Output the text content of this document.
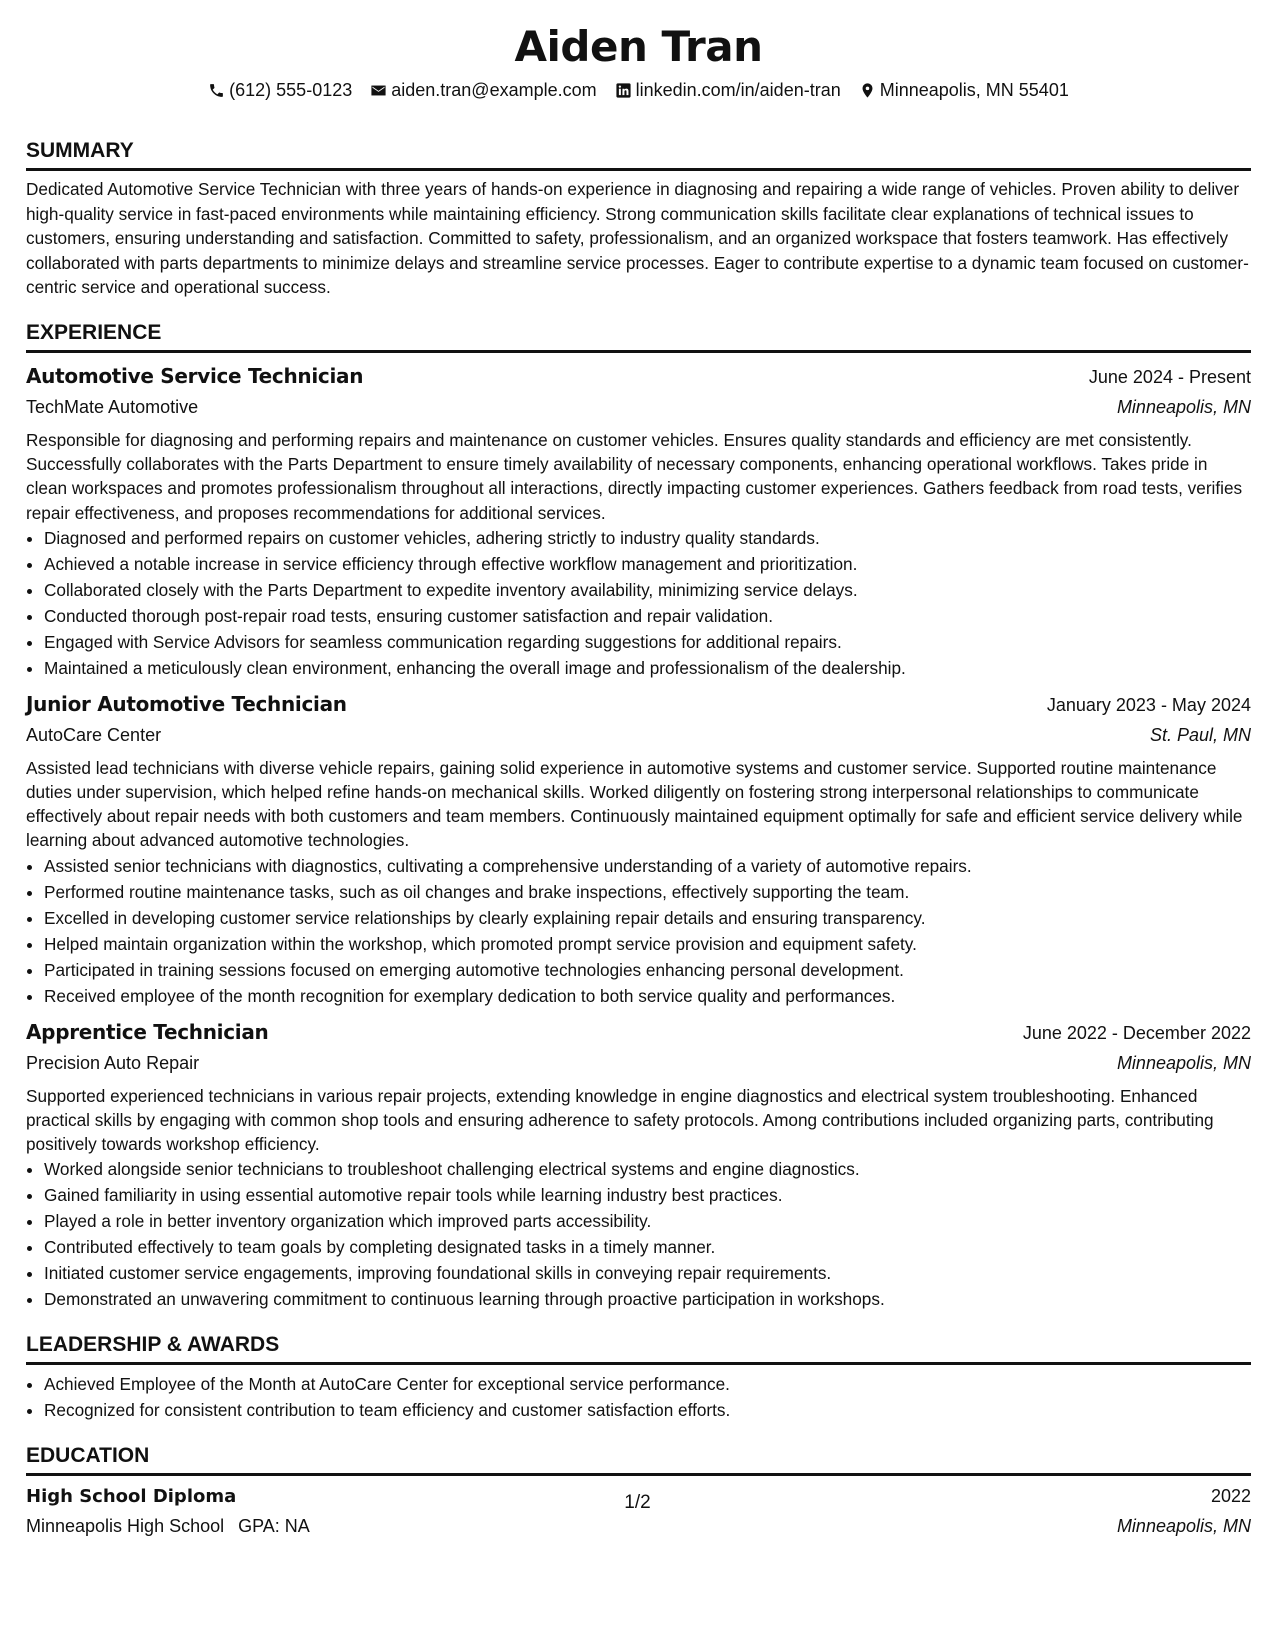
Aiden Tran
(612) 555-0123 aiden.tran@example.com linkedin.com/in/aiden-tran Minneapolis, MN 55401
SUMMARY
Dedicated Automotive Service Technician with three years of hands-on experience in diagnosing and repairing a wide range of vehicles. Proven ability to deliver high-quality service in fast-paced environments while maintaining efficiency. Strong communication skills facilitate clear explanations of technical issues to customers, ensuring understanding and satisfaction. Committed to safety, professionalism, and an organized workspace that fosters teamwork. Has effectively collaborated with parts departments to minimize delays and streamline service processes. Eager to contribute expertise to a dynamic team focused on customer-centric service and operational success.
EXPERIENCE
Automotive Service Technician	June 2024 - Present
TechMate Automotive	Minneapolis, MN
Responsible for diagnosing and performing repairs and maintenance on customer vehicles. Ensures quality standards and efficiency are met consistently. Successfully collaborates with the Parts Department to ensure timely availability of necessary components, enhancing operational workflows. Takes pride in clean workspaces and promotes professionalism throughout all interactions, directly impacting customer experiences. Gathers feedback from road tests, verifies repair effectiveness, and proposes recommendations for additional services.
• Diagnosed and performed repairs on customer vehicles, adhering strictly to industry quality standards.
• Achieved a notable increase in service efficiency through effective workflow management and prioritization.
• Collaborated closely with the Parts Department to expedite inventory availability, minimizing service delays.
• Conducted thorough post-repair road tests, ensuring customer satisfaction and repair validation.
• Engaged with Service Advisors for seamless communication regarding suggestions for additional repairs.
• Maintained a meticulously clean environment, enhancing the overall image and professionalism of the dealership.
Junior Automotive Technician	January 2023 - May 2024
AutoCare Center	St. Paul, MN
Assisted lead technicians with diverse vehicle repairs, gaining solid experience in automotive systems and customer service. Supported routine maintenance duties under supervision, which helped refine hands-on mechanical skills. Worked diligently on fostering strong interpersonal relationships to communicate effectively about repair needs with both customers and team members. Continuously maintained equipment optimally for safe and efficient service delivery while learning about advanced automotive technologies.
• Assisted senior technicians with diagnostics, cultivating a comprehensive understanding of a variety of automotive repairs.
• Performed routine maintenance tasks, such as oil changes and brake inspections, effectively supporting the team.
• Excelled in developing customer service relationships by clearly explaining repair details and ensuring transparency.
• Helped maintain organization within the workshop, which promoted prompt service provision and equipment safety.
• Participated in training sessions focused on emerging automotive technologies enhancing personal development.
• Received employee of the month recognition for exemplary dedication to both service quality and performances.
Apprentice Technician	June 2022 - December 2022
Precision Auto Repair	Minneapolis, MN
Supported experienced technicians in various repair projects, extending knowledge in engine diagnostics and electrical system troubleshooting. Enhanced practical skills by engaging with common shop tools and ensuring adherence to safety protocols. Among contributions included organizing parts, contributing positively towards workshop efficiency.
• Worked alongside senior technicians to troubleshoot challenging electrical systems and engine diagnostics.
• Gained familiarity in using essential automotive repair tools while learning industry best practices.
• Played a role in better inventory organization which improved parts accessibility.
• Contributed effectively to team goals by completing designated tasks in a timely manner.
• Initiated customer service engagements, improving foundational skills in conveying repair requirements.
• Demonstrated an unwavering commitment to continuous learning through proactive participation in workshops.
LEADERSHIP & AWARDS
• Achieved Employee of the Month at AutoCare Center for exceptional service performance.
• Recognized for consistent contribution to team efficiency and customer satisfaction efforts.
EDUCATION
High School Diploma	2022
Minneapolis High School GPA: NA	Minneapolis, MN
1/2
